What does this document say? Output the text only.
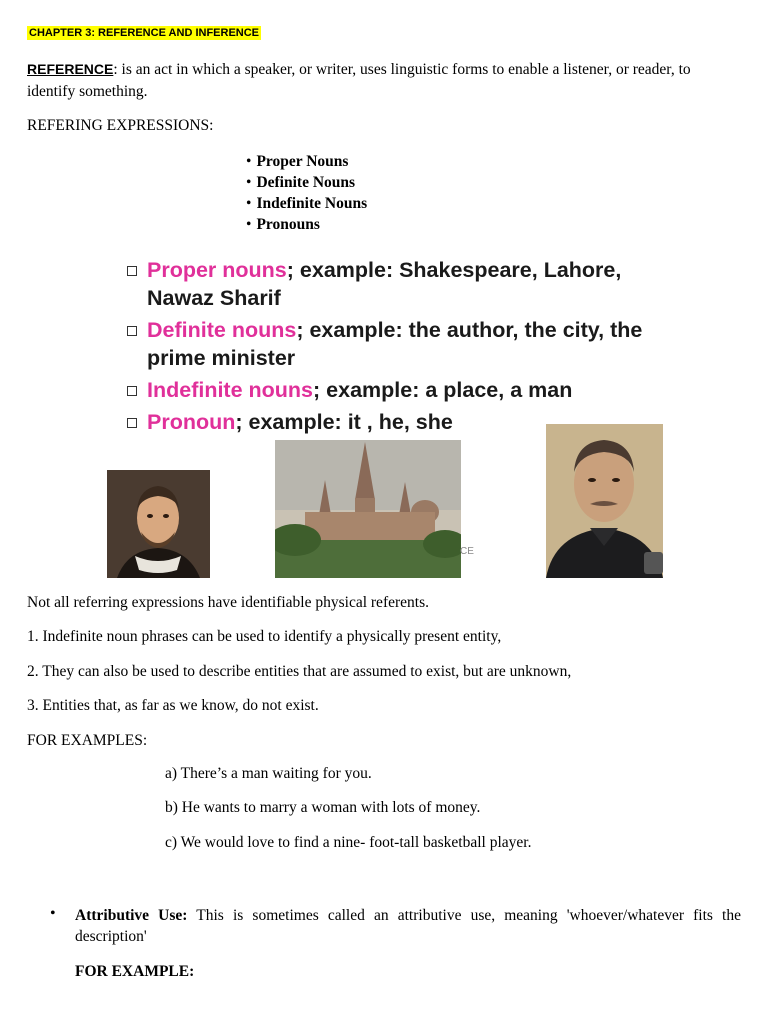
CHAPTER 3: REFERENCE AND INFERENCE
REFERENCE: is an act in which a speaker, or writer, uses linguistic forms to enable a listener, or reader, to identify something.
REFERING EXPRESSIONS:
• Proper Nouns
• Definite Nouns
• Indefinite Nouns
• Pronouns
Proper nouns; example: Shakespeare, Lahore, Nawaz Sharif
Definite nouns; example: the author, the city, the prime minister
Indefinite nouns; example: a place, a man
Pronoun; example: it , he, she
CE
Not all referring expressions have identifiable physical referents.
1. Indefinite noun phrases can be used to identify a physically present entity,
2. They can also be used to describe entities that are assumed to exist, but are unknown,
3. Entities that, as far as we know, do not exist.
FOR EXAMPLES:
a) There’s a man waiting for you.
b) He wants to marry a woman with lots of money.
c) We would love to find a nine- foot-tall basketball player.
• Attributive Use: This is sometimes called an attributive use, meaning 'whoever/whatever fits the description'
FOR EXAMPLE:
